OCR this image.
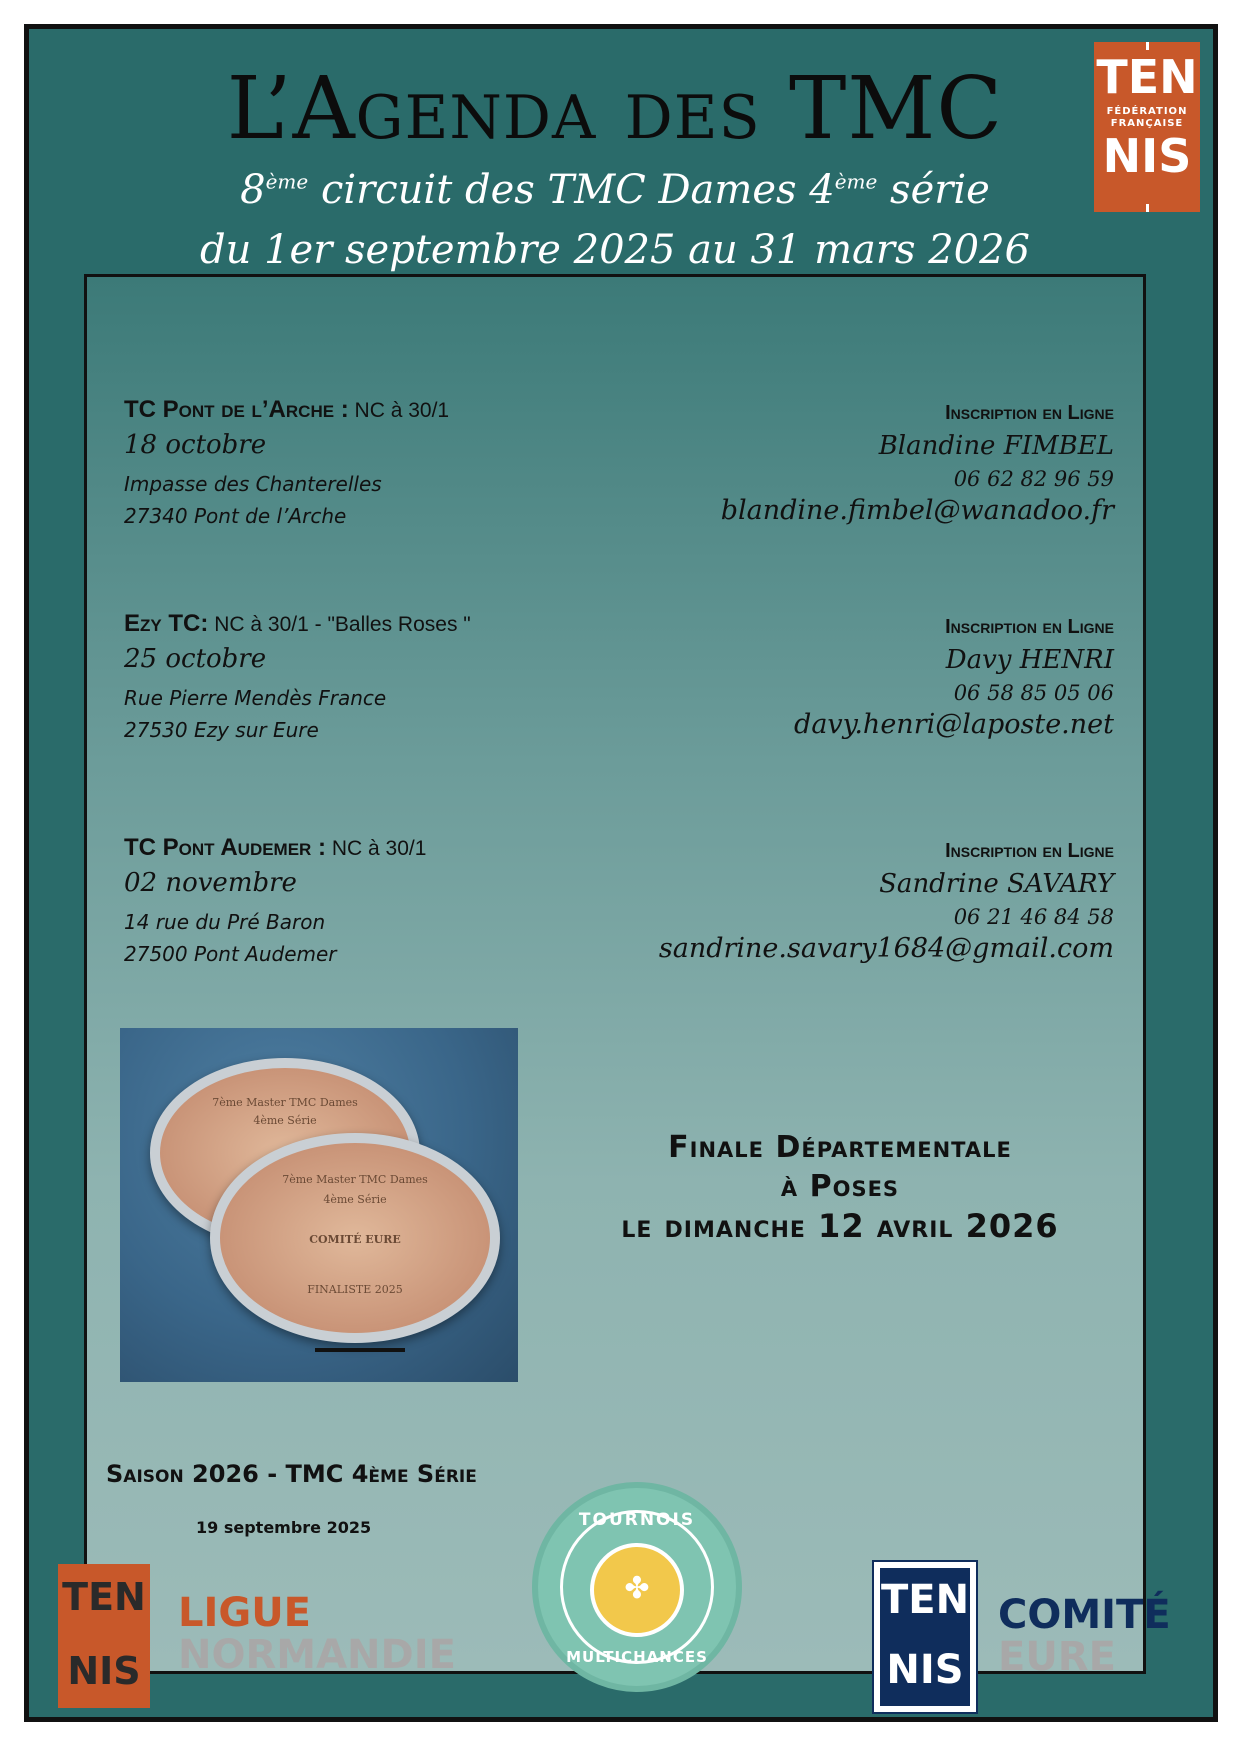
L’Agenda des TMC
8ème circuit des TMC Dames 4ème série
du 1er septembre 2025 au 31 mars 2026
TEN
FÉDÉRATION FRANÇAISE
NIS
TC Pont de l’Arche : NC à 30/1
18 octobre
Impasse des Chanterelles
27340 Pont de l’Arche
Inscription en Ligne
Blandine FIMBEL
06 62 82 96 59
blandine.fimbel@wanadoo.fr
Ezy TC: NC à 30/1 - "Balles Roses "
25 octobre
Rue Pierre Mendès France
27530 Ezy sur Eure
Inscription en Ligne
Davy HENRI
06 58 85 05 06
davy.henri@laposte.net
TC Pont Audemer : NC à 30/1
02 novembre
14 rue du Pré Baron
27500 Pont Audemer
Inscription en Ligne
Sandrine SAVARY
06 21 46 84 58
sandrine.savary1684@gmail.com
7ème Master TMC Dames
4ème Série
7ème Master TMC Dames
4ème Série
COMITÉ EURE
FINALISTE 2025
Finale Départementale
à Poses
le dimanche 12 avril 2026
Saison 2026 - TMC 4ème Série
19 septembre 2025
TEN
NIS
LIGUE
NORMANDIE
TOURNOIS
✤
MULTICHANCES
TEN
NIS
COMITÉ
EURE
